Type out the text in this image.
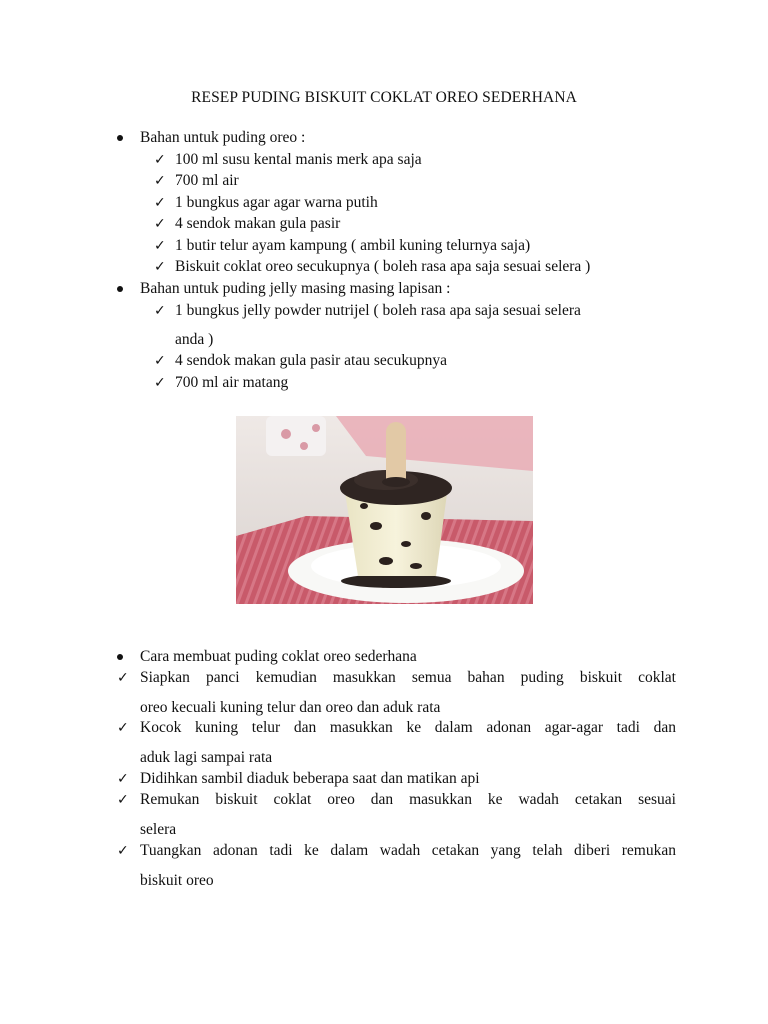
RESEP PUDING BISKUIT COKLAT OREO SEDERHANA
Bahan untuk puding oreo :
✓ 100 ml susu kental manis merk apa saja
✓ 700 ml air
✓ 1 bungkus agar agar warna putih
✓ 4 sendok makan gula pasir
✓ 1 butir telur ayam kampung ( ambil kuning telurnya saja)
✓ Biskuit coklat oreo secukupnya ( boleh rasa apa saja sesuai selera )
Bahan untuk puding jelly masing masing lapisan :
✓ 1 bungkus jelly powder nutrijel ( boleh rasa apa saja sesuai selera
anda )
✓ 4 sendok makan gula pasir atau secukupnya
✓ 700 ml air matang
Cara membuat puding coklat oreo sederhana
✓ Siapkan panci kemudian masukkan semua bahan puding biskuit coklat
oreo kecuali kuning telur dan oreo dan aduk rata
✓ Kocok kuning telur dan masukkan ke dalam adonan agar-agar tadi dan
aduk lagi sampai rata
✓ Didihkan sambil diaduk beberapa saat dan matikan api
✓ Remukan biskuit coklat oreo dan masukkan ke wadah cetakan sesuai
selera
✓ Tuangkan adonan tadi ke dalam wadah cetakan yang telah diberi remukan
biskuit oreo
